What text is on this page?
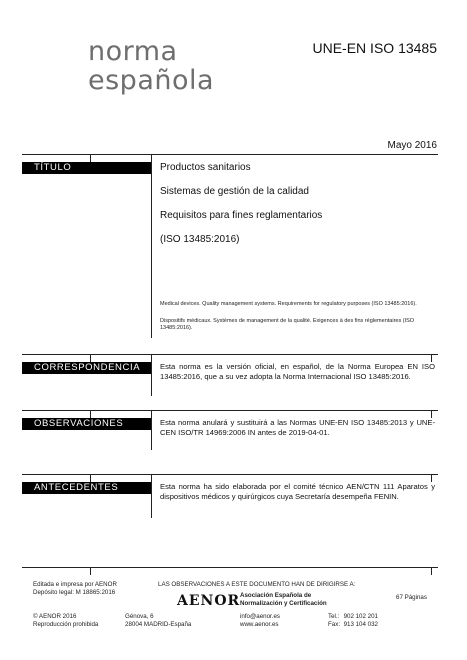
norma
española
UNE-EN ISO 13485
Mayo 2016
TÍTULO	Productos sanitarios
Sistemas de gestión de la calidad
Requisitos para fines reglamentarios
(ISO 13485:2016)
Medical devices. Quality management systems. Requirements for regulatory purposes (ISO 13485:2016).
Dispositifs médicaux. Systèmes de management de la qualité. Exigences à des fins réglementaires (ISO 13485:2016).
CORRESPONDENCIA	Esta norma es la versión oficial, en español, de la Norma Europea EN ISO 13485:2016, que a su vez adopta la Norma Internacional ISO 13485:2016.
OBSERVACIONES	Esta norma anulará y sustituirá a las Normas UNE-EN ISO 13485:2013 y UNE-CEN ISO/TR 14969:2006 IN antes de 2019-04-01.
ANTECEDENTES	Esta norma ha sido elaborada por el comité técnico AEN/CTN 111 Aparatos y dispositivos médicos y quirúrgicos cuya Secretaría desempeña FENIN.
Editada e impresa por AENOR
Depósito legal: M 18865:2016
© AENOR 2016
Reproducción prohibida
LAS OBSERVACIONES A ESTE DOCUMENTO HAN DE DIRIGIRSE A:
AENOR Asociación Española de
Normalización y Certificación
Génova, 6
28004 MADRID-España
info@aenor.es
www.aenor.es
Tel.: 902 102 201
Fax: 913 104 032
67 Páginas
